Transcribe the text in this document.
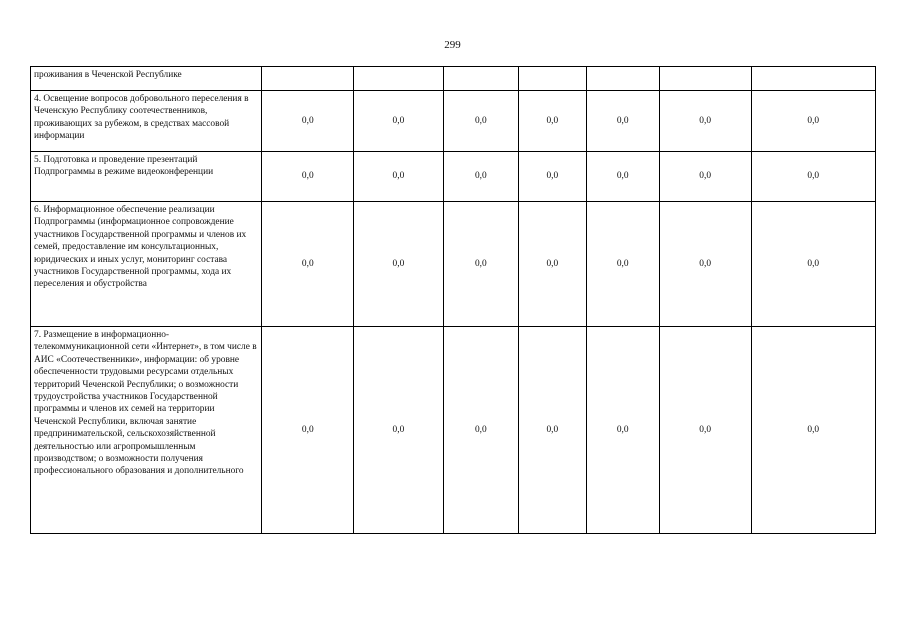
299
проживания в Чеченской Республике							
4. Освещение вопросов добровольного переселения в Чеченскую Республику соотечественников, проживающих за рубежом, в средствах массовой информации	0,0	0,0	0,0	0,0	0,0	0,0	0,0
5. Подготовка и проведение презентаций Подпрограммы в режиме видеоконференции	0,0	0,0	0,0	0,0	0,0	0,0	0,0
6. Информационное обеспечение реализации Подпрограммы (информационное сопровождение участников Государственной программы и членов их семей, предоставление им консультационных, юридических и иных услуг, мониторинг состава участников Государственной программы, хода их переселения и обустройства	0,0	0,0	0,0	0,0	0,0	0,0	0,0
7. Размещение в информационно-телекоммуникационной сети «Интернет», в том числе в АИС «Соотечественники», информации: об уровне обеспеченности трудовыми ресурсами отдельных территорий Чеченской Республики; о возможности трудоустройства участников Государственной программы и членов их семей на территории Чеченской Республики, включая занятие предпринимательской, сельскохозяйственной деятельностью или агропромышленным производством; о возможности получения профессионального образования и дополнительного	0,0	0,0	0,0	0,0	0,0	0,0	0,0
